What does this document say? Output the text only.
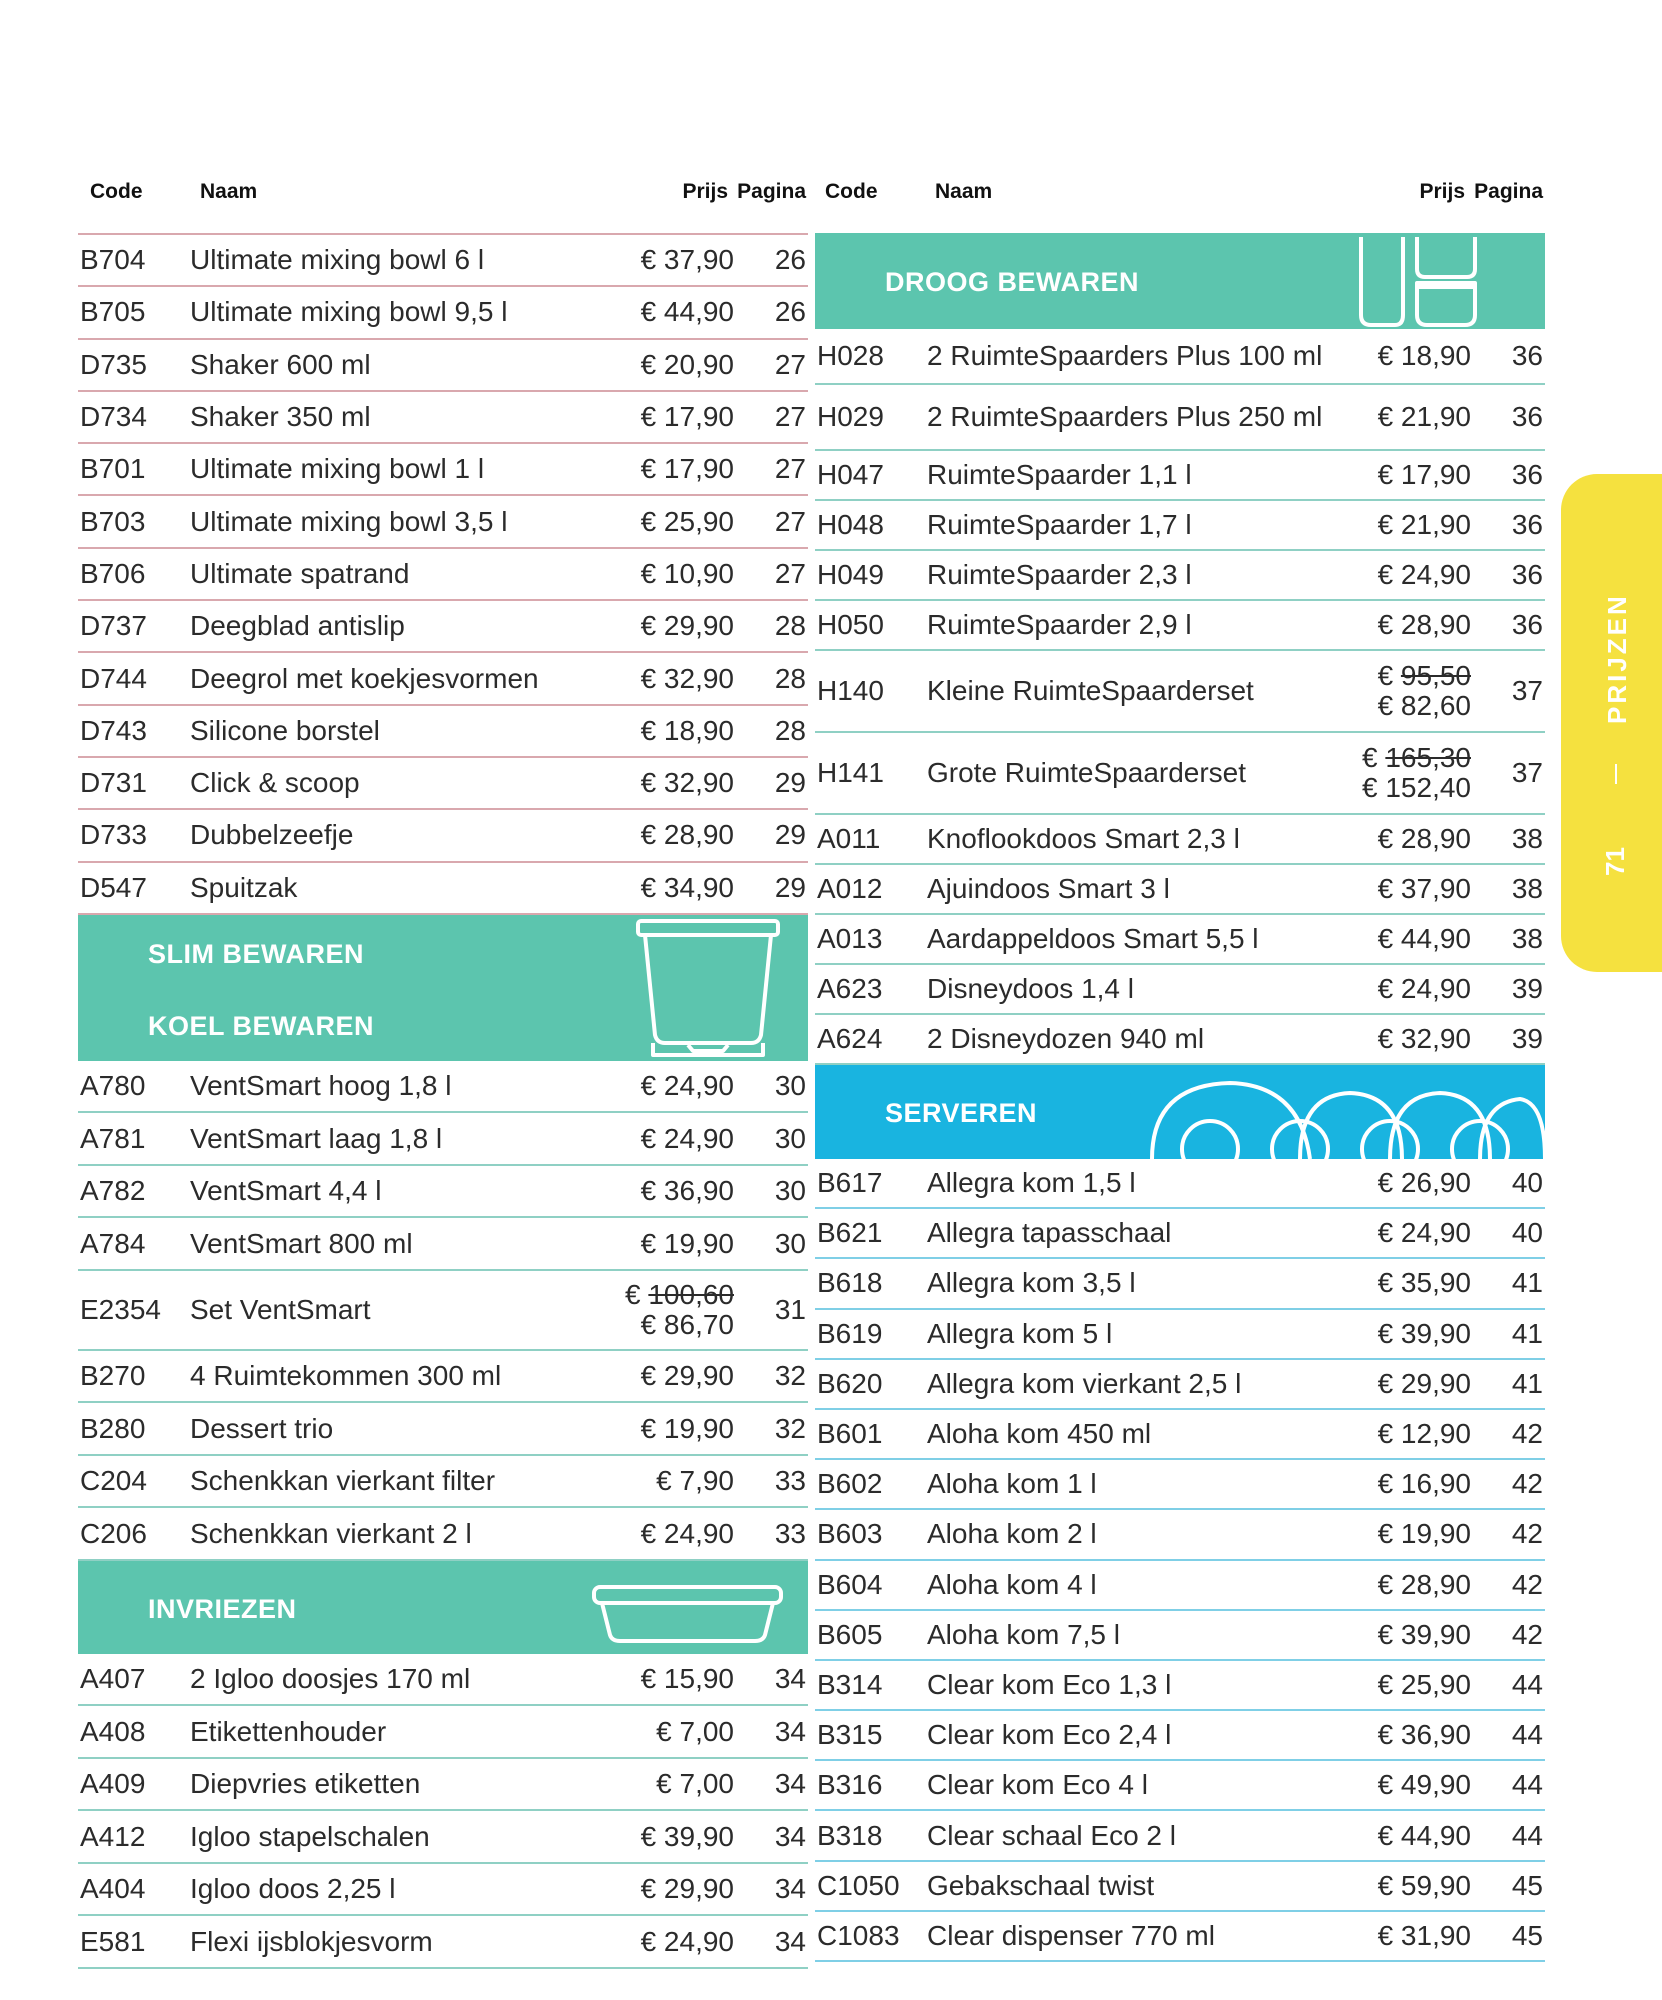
Code	Naam	Prijs Pagina
B704 Ultimate mixing bowl 6 l	€ 37,90 26
B705 Ultimate mixing bowl 9,5 l	€ 44,90 26
D735 Shaker 600 ml	€ 20,90 27
D734 Shaker 350 ml	€ 17,90 27
B701 Ultimate mixing bowl 1 l	€ 17,90 27
B703 Ultimate mixing bowl 3,5 l	€ 25,90 27
B706 Ultimate spatrand	€ 10,90 27
D737 Deegblad antislip	€ 29,90 28
D744 Deegrol met koekjesvormen	€ 32,90 28
D743 Silicone borstel	€ 18,90 28
D731 Click & scoop	€ 32,90 29
D733 Dubbelzeefje	€ 28,90 29
D547 Spuitzak	€ 34,90 29
SLIM BEWAREN
KOEL BEWAREN
A780 VentSmart hoog 1,8 l	€ 24,90 30
A781 VentSmart laag 1,8 l	€ 24,90 30
A782 VentSmart 4,4 l	€ 36,90 30
A784 VentSmart 800 ml	€ 19,90 30
E2354 Set VentSmart	€ 100,60
€ 86,70 31
B270 4 Ruimtekommen 300 ml	€ 29,90 32
B280 Dessert trio	€ 19,90 32
C204 Schenkkan vierkant filter	€ 7,90 33
C206 Schenkkan vierkant 2 l	€ 24,90 33
INVRIEZEN
A407 2 Igloo doosjes 170 ml	€ 15,90 34
A408 Etikettenhouder	€ 7,00 34
A409 Diepvries etiketten	€ 7,00 34
A412 Igloo stapelschalen	€ 39,90 34
A404 Igloo doos 2,25 l	€ 29,90 34
E581 Flexi ijsblokjesvorm	€ 24,90 34
Code	Naam	Prijs Pagina
DROOG BEWAREN
H028 2 RuimteSpaarders Plus 100 ml € 18,90 36
H029 2 RuimteSpaarders Plus 250 ml € 21,90 36
H047 RuimteSpaarder 1,1 l	€ 17,90 36
H048 RuimteSpaarder 1,7 l	€ 21,90 36
H049 RuimteSpaarder 2,3 l	€ 24,90 36
H050 RuimteSpaarder 2,9 l	€ 28,90 36
H140 Kleine RuimteSpaarderset	€ 95,50
€ 82,60 37
H141 Grote RuimteSpaarderset	€ 165,30
€ 152,40 37
A011 Knoflookdoos Smart 2,3 l	€ 28,90 38
A012 Ajuindoos Smart 3 l	€ 37,90 38
A013 Aardappeldoos Smart 5,5 l	€ 44,90 38
A623 Disneydoos 1,4 l	€ 24,90 39
A624 2 Disneydozen 940 ml	€ 32,90 39
SERVEREN
B617 Allegra kom 1,5 l	€ 26,90 40
B621 Allegra tapasschaal	€ 24,90 40
B618 Allegra kom 3,5 l	€ 35,90 41
B619 Allegra kom 5 l	€ 39,90 41
B620 Allegra kom vierkant 2,5 l	€ 29,90 41
B601 Aloha kom 450 ml	€ 12,90 42
B602 Aloha kom 1 l	€ 16,90 42
B603 Aloha kom 2 l	€ 19,90 42
B604 Aloha kom 4 l	€ 28,90 42
B605 Aloha kom 7,5 l	€ 39,90 42
B314 Clear kom Eco 1,3 l	€ 25,90 44
B315 Clear kom Eco 2,4 l	€ 36,90 44
B316 Clear kom Eco 4 l	€ 49,90 44
B318 Clear schaal Eco 2 l	€ 44,90 44
C1050 Gebakschaal twist	€ 59,90 45
C1083 Clear dispenser 770 ml	€ 31,90 45
PRIJZEN
71
